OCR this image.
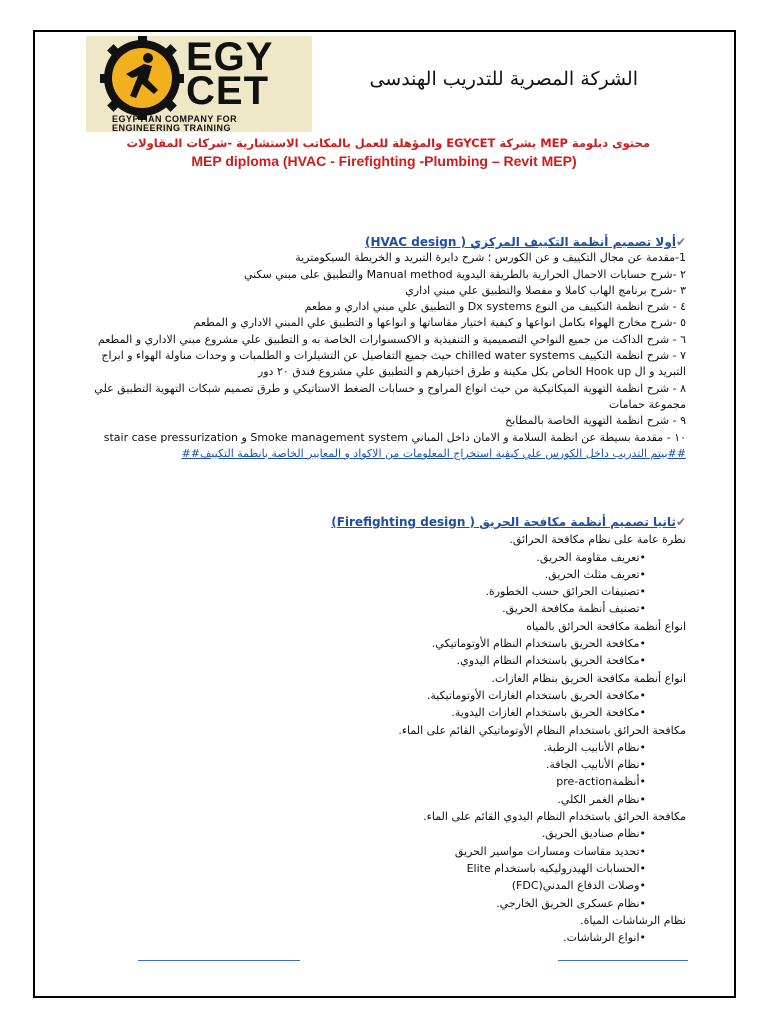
EGY
CET
EGYPTIAN COMPANY FOR
ENGINEERING TRAINING
الشركة المصرية للتدريب الهندسى
محتوى دبلومة MEP بشركة EGYCET والمؤهلة للعمل بالمكاتب الاستشارية -شركات المقاولات
MEP diploma (HVAC - Firefighting -Plumbing – Revit MEP)
✔أولا تصميم أنظمة التكييف المركزي ( HVAC design)
1-مقدمة عن مجال التكييف و عن الكورس ؛ شرح دايرة التبريد و الخريطة السيكومترية
٢ -شرح حسابات الاحمال الحرارية بالطريقة اليدوية Manual method والتطبيق على مبني سكني
٣ -شرح برنامج الهاب كاملا و مفصلا والتطبيق علي مبني اداري
٤ - شرح انظمة التكييف من النوع Dx systems و التطبيق علي مبني اداري و مطعم
٥ -شرح مخارج الهواء بكامل انواعها و كيفية اختيار مقاساتها و انواعها و التطبيق علي المبني الاداري و المطعم
٦ - شرح الداكت من جميع النواحي التصميمية و التنفيذية و الاكسسوارات الخاصة به و التطبيق علي مشروع مبني الاداري و المطعم
٧ - شرح انظمة التكييف chilled water systems حيث جميع التفاصيل عن التشيلرات و الطلمبات و وحدات مناولة الهواء و ابراج التبريد و ال Hook up الخاص بكل مكينة و طرق اختيارهم و التطبيق علي مشروع فندق ٢٠ دور
٨ - شرح انظمة التهوية الميكانيكية من حيث انواع المراوح و حسابات الضغط الاستاتيكي و طرق تصميم شبكات التهوية التطبيق علي مجموعة حمامات
٩ - شرح انظمة التهوية الخاصة بالمطابخ
١٠ - مقدمة بسيطة عن انظمة السلامة و الامان داخل المباني Smoke management system و stair case pressurization
##بيتم التدريب داخل الكورس علي كيفية استخراج المعلومات من الاكواد و المعايير الخاصة بانظمة التكييف##
✔ثانيا تصميم أنظمة مكافحة الحريق ( Firefighting design)
نظرة عامة على نظام مكافحة الحرائق.
•تعريف مقاومة الحريق.
•تعريف مثلث الحريق.
•تصنيفات الحرائق حسب الخطورة.
•تصنيف أنظمة مكافحة الحريق.
انواع أنظمة مكافحة الحرائق بالمياه
•مكافحة الحريق باستخدام النظام الأوتوماتيكي.
•مكافحة الحريق باستخدام النظام اليدوي.
انواع أنظمة مكافحة الحريق بنظام الغازات.
•مكافحة الحريق باستخدام الغازات الأوتوماتيكية.
•مكافحة الحريق باستخدام الغازات اليدوية.
مكافحة الحرائق باستخدام النظام الأوتوماتيكي القائم على الماء.
•نظام الأنابيب الرطبة.
•نظام الأنابيب الجافة.
•أنظمةpre-action
•نظام الغمر الكلي.
مكافحة الحرائق باستخدام النظام اليدوي القائم على الماء.
•نظام صناديق الحريق.
•تحديد مقاسات ومسارات مواسير الحريق
•الحسابات الهيدروليكيه باستخدام Elite
•وصلات الدفاع المدني(FDC)
•نظام عسكرى الحريق الخارجي.
نظام الرشاشات المياة.
•انواع الرشاشات.
